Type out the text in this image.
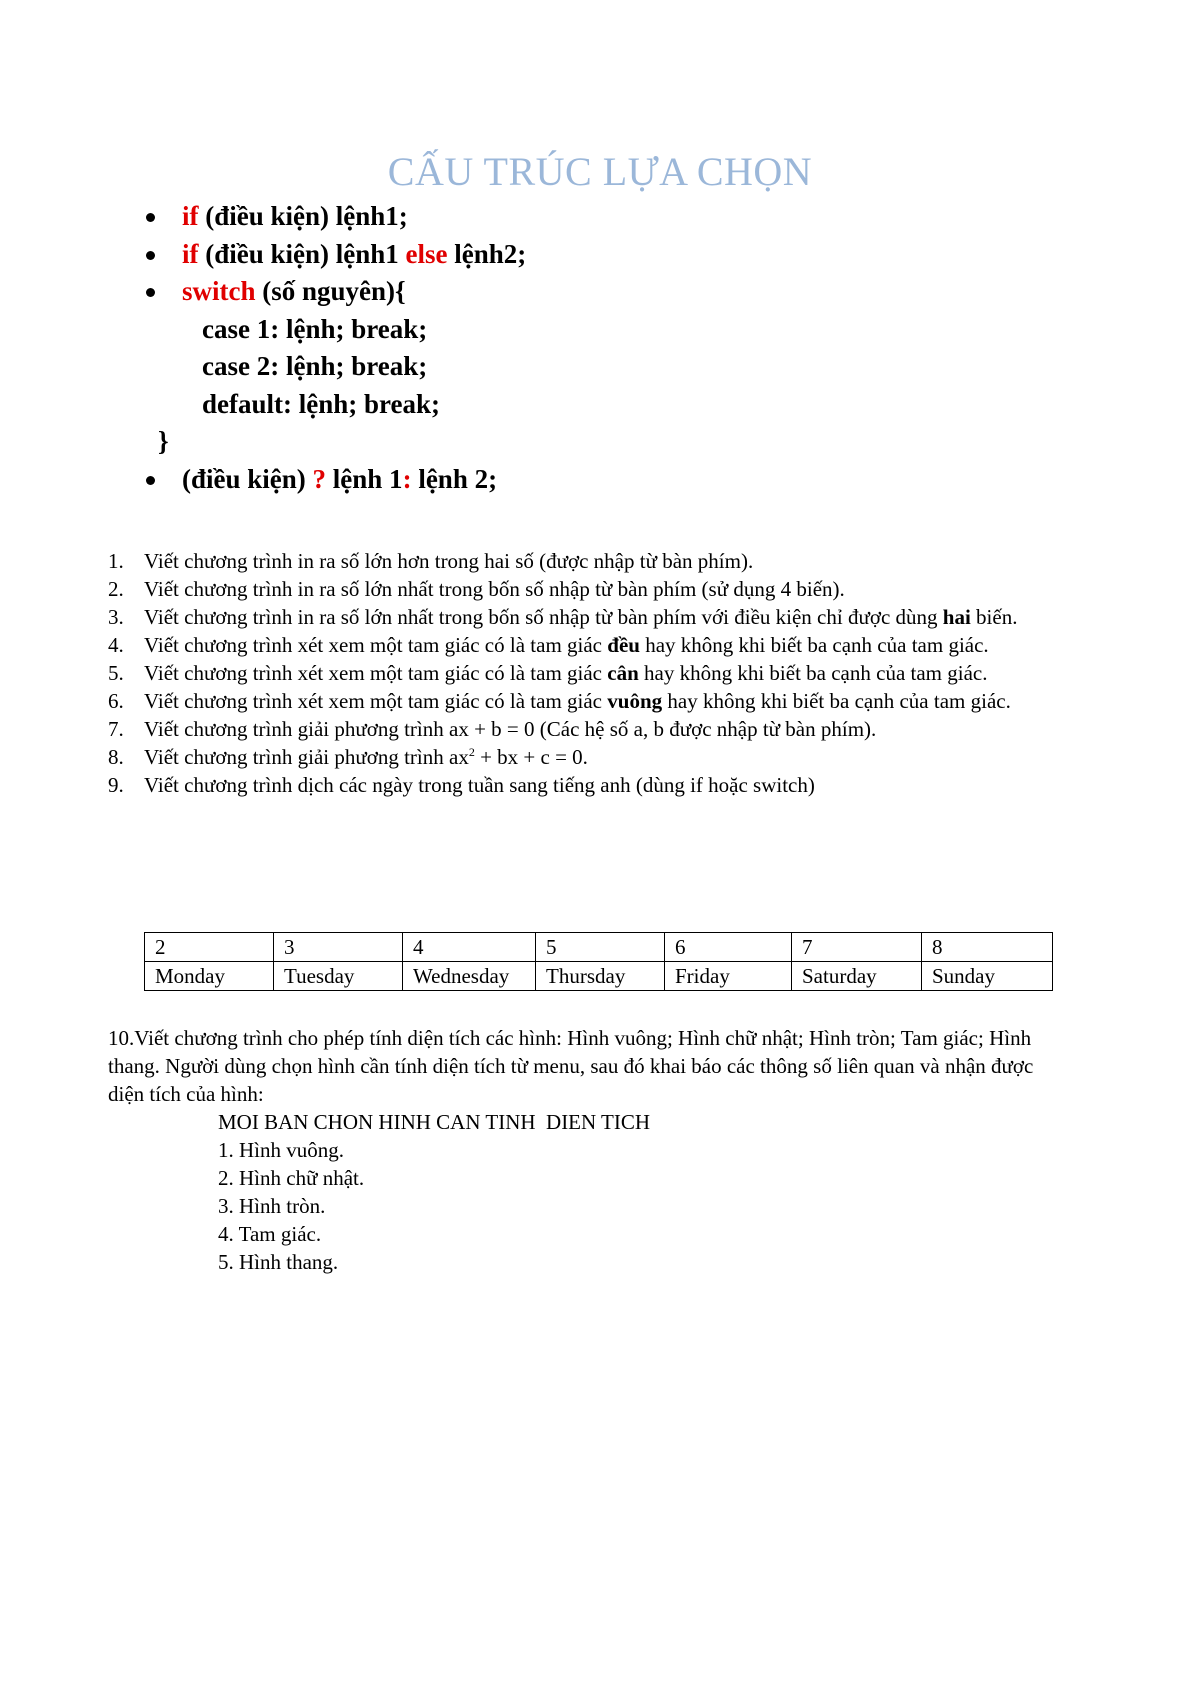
CẤU TRÚC LỰA CHỌN

if (điều kiện) lệnh1;

if (điều kiện) lệnh1 else lệnh2;

switch (số nguyên){

case 1: lệnh; break;

case 2: lệnh; break;

default: lệnh; break;

}

(điều kiện) ? lệnh 1: lệnh 2;

1. Viết chương trình in ra số lớn hơn trong hai số (được nhập từ bàn phím).
2. Viết chương trình in ra số lớn nhất trong bốn số nhập từ bàn phím (sử dụng 4 biến).
3. Viết chương trình in ra số lớn nhất trong bốn số nhập từ bàn phím với điều kiện chỉ được dùng hai biến.
4. Viết chương trình xét xem một tam giác có là tam giác đều hay không khi biết ba cạnh của tam giác.
5. Viết chương trình xét xem một tam giác có là tam giác cân hay không khi biết ba cạnh của tam giác.
6. Viết chương trình xét xem một tam giác có là tam giác vuông hay không khi biết ba cạnh của tam giác.
7. Viết chương trình giải phương trình ax + b = 0 (Các hệ số a, b được nhập từ bàn phím).
8. Viết chương trình giải phương trình $ax^2$ + bx + c = 0.
9. Viết chương trình dịch các ngày trong tuần sang tiếng anh (dùng if hoặc switch)
2	3	4	5	6	7	8
Monday	Tuesday	Wednesday	Thursday	Friday	Saturday	Sunday
10.Viết chương trình cho phép tính diện tích các hình: Hình vuông; Hình chữ nhật; Hình tròn; Tam giác; Hình thang. Người dùng chọn hình cần tính diện tích từ menu, sau đó khai báo các thông số liên quan và nhận được diện tích của hình:
MOI BAN CHON HINH CAN TINH  DIEN TICH
1. Hình vuông.
2. Hình chữ nhật.
3. Hình tròn.
4. Tam giác.
5. Hình thang.
